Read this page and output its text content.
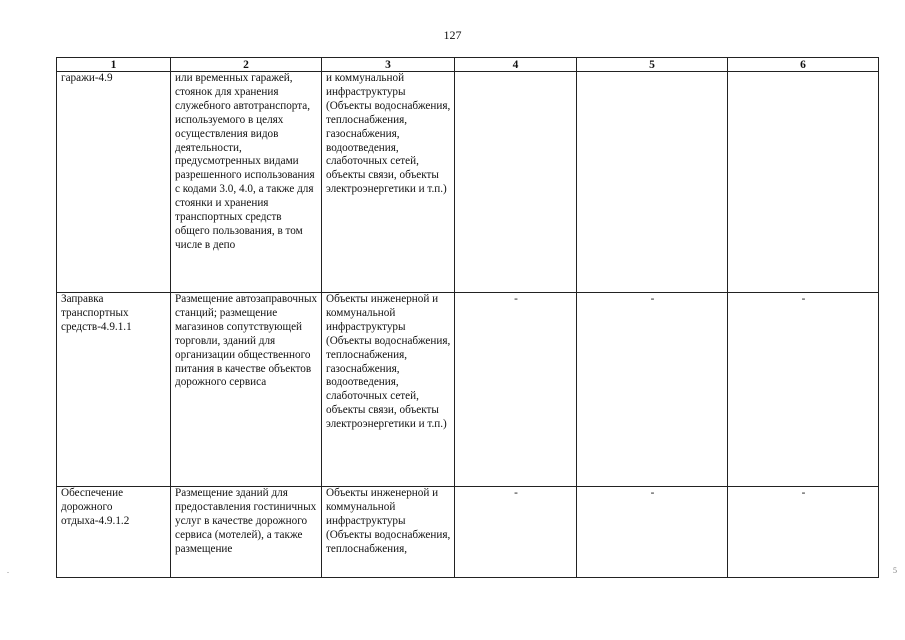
127
1	2	3	4	5	6
гаражи-4.9	или временных гаражей, стоянок для хранения служебного автотранспорта, используемого в целях осуществления видов деятельности, предусмотренных видами разрешенного использования с кодами 3.0, 4.0, а также для стоянки и хранения транспортных средств общего пользования, в том числе в депо	и коммунальной инфраструктуры (Объекты водоснабжения, теплоснабжения, газоснабжения, водоотведения, слаботочных сетей, объекты связи, объекты электроэнергетики и т.п.)			
Заправка транспортных средств-4.9.1.1	Размещение автозаправочных станций; размещение магазинов сопутствующей торговли, зданий для организации общественного питания в качестве объектов дорожного сервиса	Объекты инженерной и коммунальной инфраструктуры (Объекты водоснабжения, теплоснабжения, газоснабжения, водоотведения, слаботочных сетей, объекты связи, объекты электроэнергетики и т.п.)	-	-	-
Обеспечение дорожного отдыха-4.9.1.2	Размещение зданий для предоставления гостиничных услуг в качестве дорожного сервиса (мотелей), а также размещение	Объекты инженерной и коммунальной инфраструктуры (Объекты водоснабжения, теплоснабжения,	-	-	-
.	5
